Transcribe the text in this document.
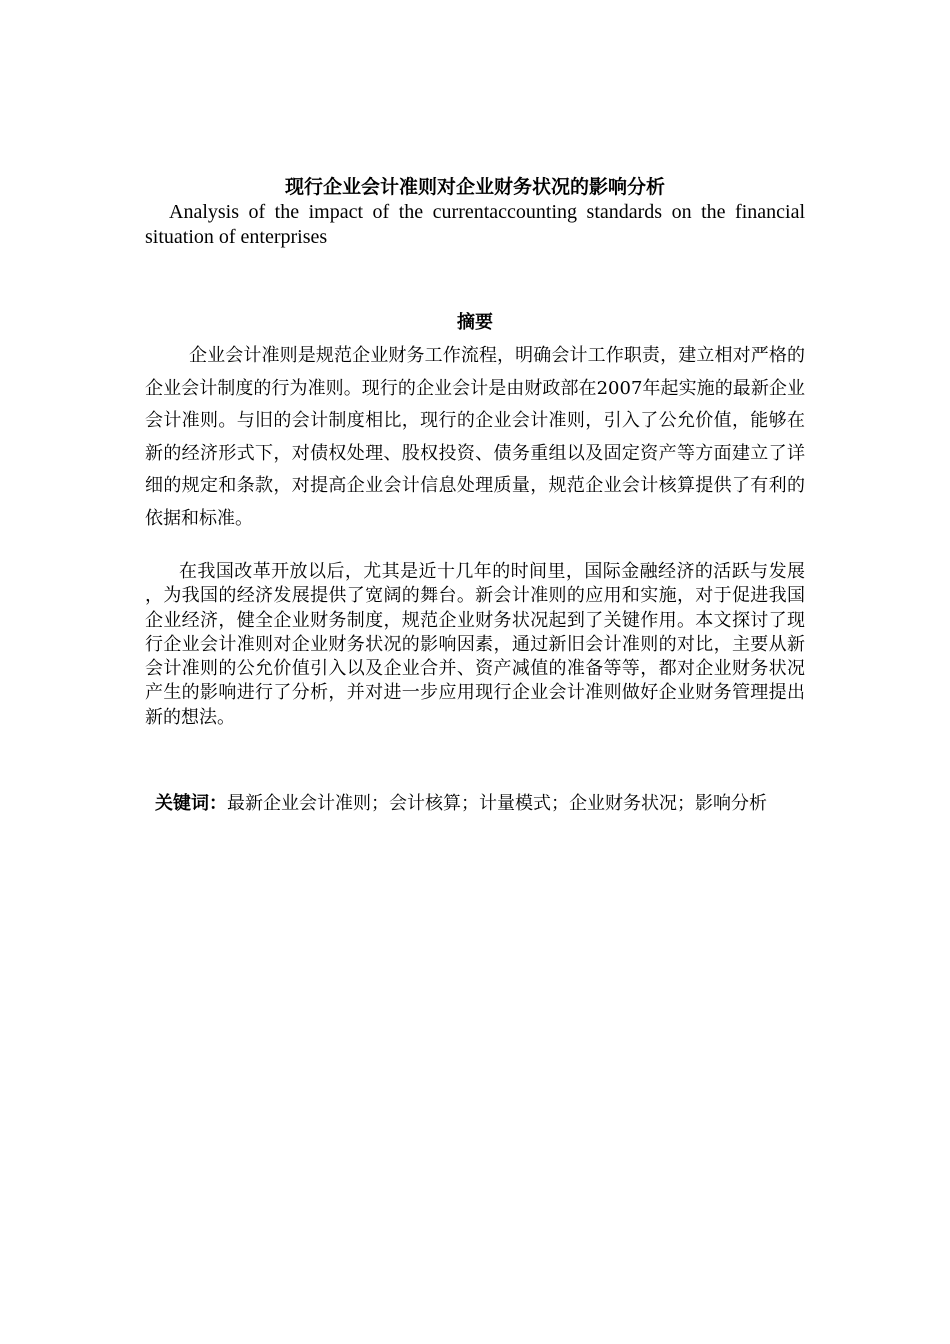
现行企业会计准则对企业财务状况的影响分析
Analysis of the impact of the currentaccounting standards on the financial situation of enterprises
摘要

企业会计准则是规范企业财务工作流程，明确会计工作职责，建立相对严格的企业会计制度的行为准则。现行的企业会计是由财政部在2007年起实施的最新企业会计准则。与旧的会计制度相比，现行的企业会计准则，引入了公允价值，能够在新的经济形式下，对债权处理、股权投资、债务重组以及固定资产等方面建立了详细的规定和条款，对提高企业会计信息处理质量，规范企业会计核算提供了有利的依据和标准。

在我国改革开放以后，尤其是近十几年的时间里，国际金融经济的活跃与发展，为我国的经济发展提供了宽阔的舞台。新会计准则的应用和实施，对于促进我国企业经济，健全企业财务制度，规范企业财务状况起到了关键作用。本文探讨了现行企业会计准则对企业财务状况的影响因素，通过新旧会计准则的对比，主要从新会计准则的公允价值引入以及企业合并、资产减值的准备等等，都对企业财务状况产生的影响进行了分析，并对进一步应用现行企业会计准则做好企业财务管理提出新的想法。

关键词：最新企业会计准则；会计核算；计量模式；企业财务状况；影响分析
